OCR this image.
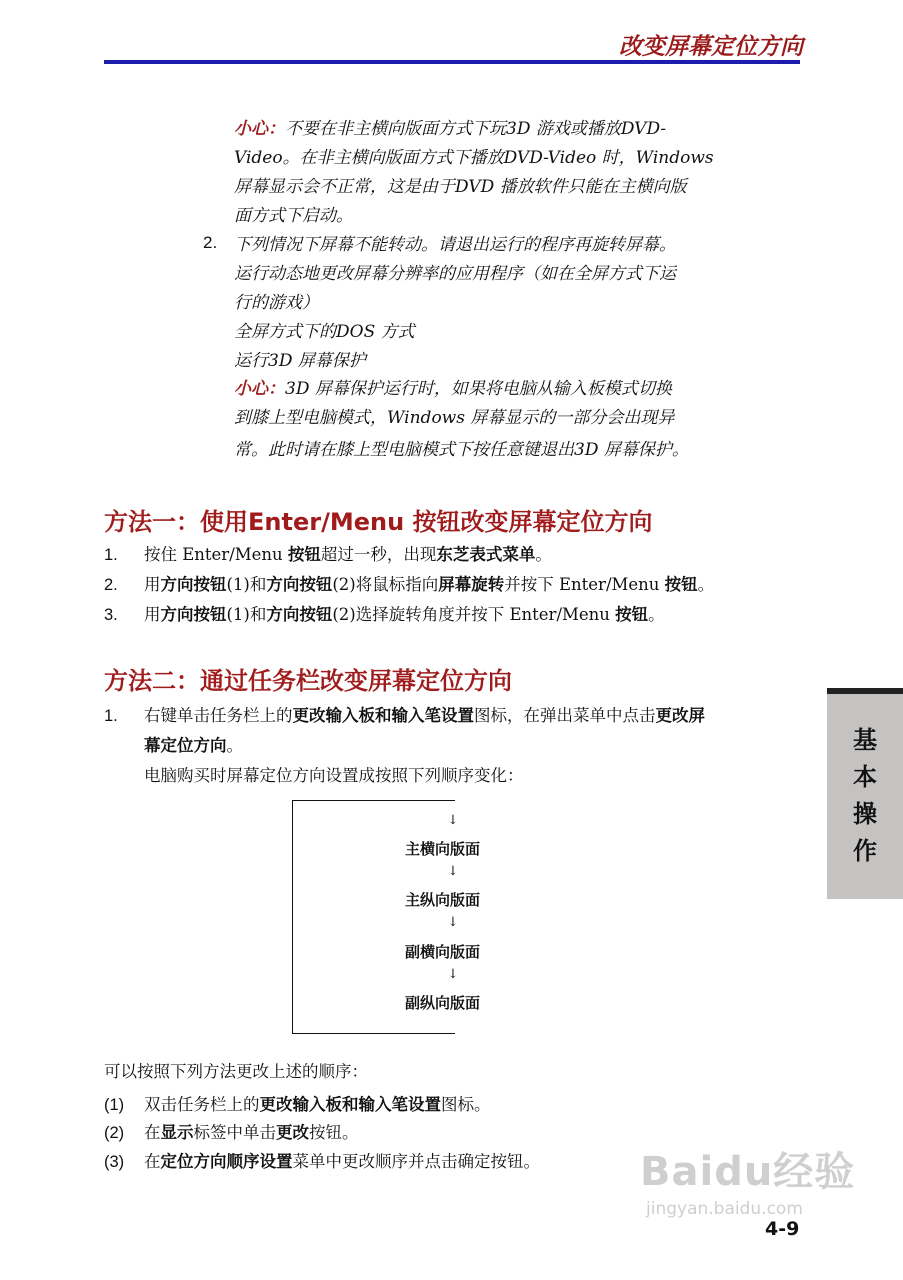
改变屏幕定位方向
小心：不要在非主横向版面方式下玩3D 游戏或播放DVD-
Video。在非主横向版面方式下播放DVD-Video 时，Windows
屏幕显示会不正常，这是由于DVD 播放软件只能在主横向版
面方式下启动。
2. 下列情况下屏幕不能转动。请退出运行的程序再旋转屏幕。
运行动态地更改屏幕分辨率的应用程序（如在全屏方式下运
行的游戏）
全屏方式下的DOS 方式
运行3D 屏幕保护
小心：3D 屏幕保护运行时，如果将电脑从输入板模式切换
到膝上型电脑模式，Windows 屏幕显示的一部分会出现异
常。此时请在膝上型电脑模式下按任意键退出3D 屏幕保护。
方法一：使用Enter/Menu 按钮改变屏幕定位方向
1. 按住 Enter/Menu 按钮超过一秒，出现东芝表式菜单。
2. 用方向按钮(1)和方向按钮(2)将鼠标指向屏幕旋转并按下 Enter/Menu 按钮。
3. 用方向按钮(1)和方向按钮(2)选择旋转角度并按下 Enter/Menu 按钮。
方法二：通过任务栏改变屏幕定位方向
1. 右键单击任务栏上的更改输入板和输入笔设置图标，在弹出菜单中点击更改屏
幕定位方向。
电脑购买时屏幕定位方向设置成按照下列顺序变化：
↓
主横向版面
↓
主纵向版面
↓
副横向版面
↓
副纵向版面
可以按照下列方法更改上述的顺序：
(1) 双击任务栏上的更改输入板和输入笔设置图标。
(2) 在显示标签中单击更改按钮。
(3) 在定位方向顺序设置菜单中更改顺序并点击确定按钮。
基
本
操
作
Baidu经验
jingyan.baidu.com
4-9
